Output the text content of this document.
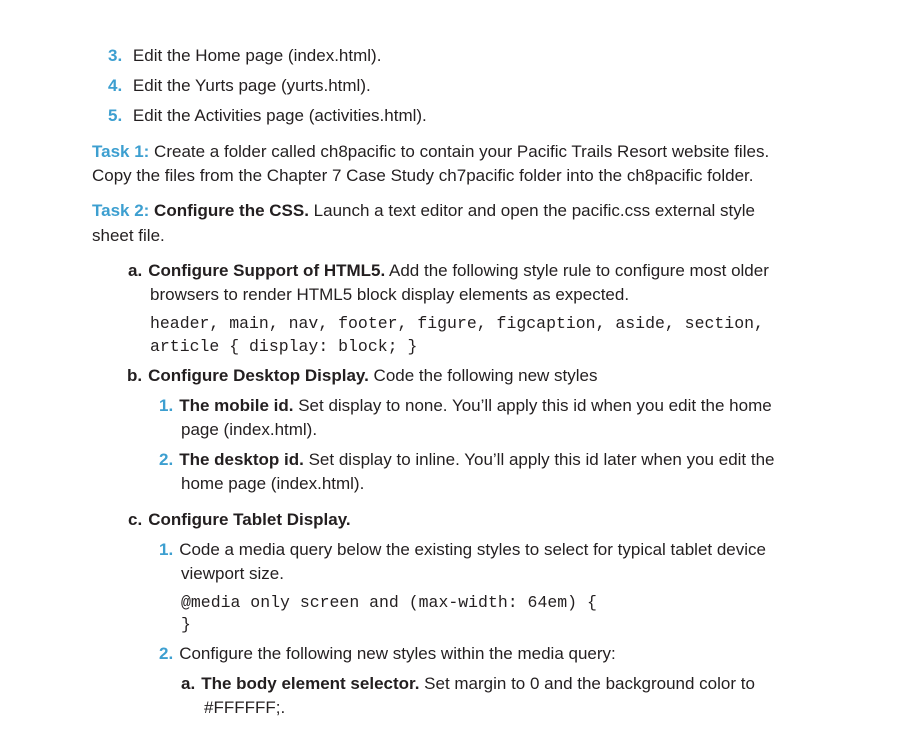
3. Edit the Home page (index.html).
4. Edit the Yurts page (yurts.html).
5. Edit the Activities page (activities.html).
Task 1: Create a folder called ch8pacific to contain your Pacific Trails Resort website files.
Copy the files from the Chapter 7 Case Study ch7pacific folder into the ch8pacific folder.
Task 2: Configure the CSS. Launch a text editor and open the pacific.css external style
sheet file.
a. Configure Support of HTML5. Add the following style rule to configure most older
browsers to render HTML5 block display elements as expected.
header, main, nav, footer, figure, figcaption, aside, section,
article { display: block; }
b. Configure Desktop Display. Code the following new styles
1. The mobile id. Set display to none. You’ll apply this id when you edit the home
page (index.html).
2. The desktop id. Set display to inline. You’ll apply this id later when you edit the
home page (index.html).
c. Configure Tablet Display.
1. Code a media query below the existing styles to select for typical tablet device
viewport size.
@media only screen and (max-width: 64em) {
}
2. Configure the following new styles within the media query:
a. The body element selector. Set margin to 0 and the background color to
#FFFFFF;.
